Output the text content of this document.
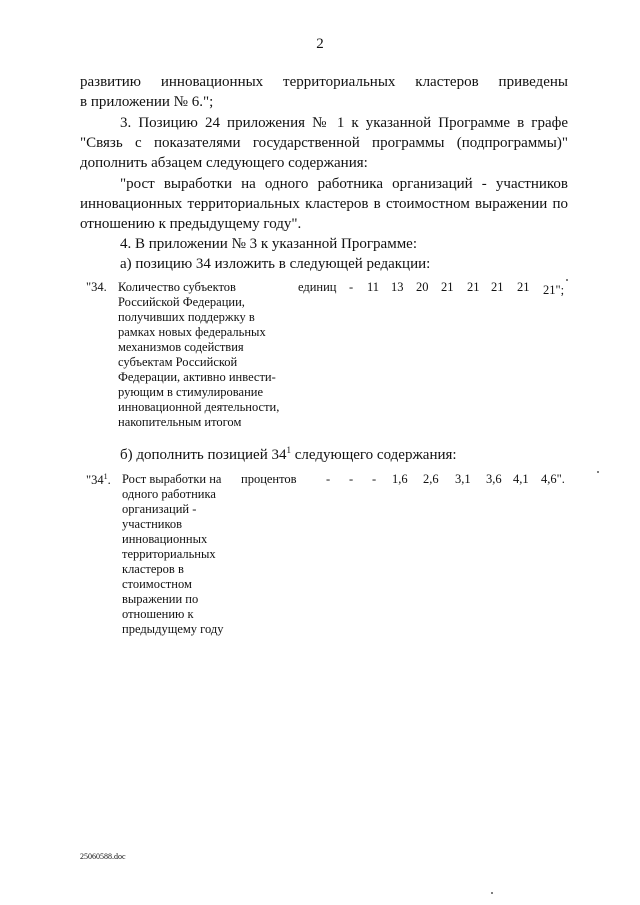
2
развитию инновационных территориальных кластеров приведены
в приложении № 6.";
3. Позицию 24 приложения № 1 к указанной Программе в графе
"Связь с показателями государственной программы (подпрограммы)"
дополнить абзацем следующего содержания:
"рост выработки на одного работника организаций - участников
инновационных территориальных кластеров в стоимостном выражении по
отношению к предыдущему году".
4. В приложении № 3 к указанной Программе:
а) позицию 34 изложить в следующей редакции:
"34. Количество субъектов
Российской Федерации,
получивших поддержку в
рамках новых федеральных
механизмов содействия
субъектам Российской
Федерации, активно инвести-
рующим в стимулирование
инновационной деятельности,
накопительным итогом
единиц - 11 13 20 21 21 21 21 21";
б) дополнить позицией $34^1$ следующего содержания:
"$34^1$. Рост выработки на
одного работника
организаций -
участников
инновационных
территориальных
кластеров в
стоимостном
выражении по
отношению к
предыдущему году
процентов - - - 1,6 2,6 3,1 3,6 4,1 4,6".
25060588.doc
